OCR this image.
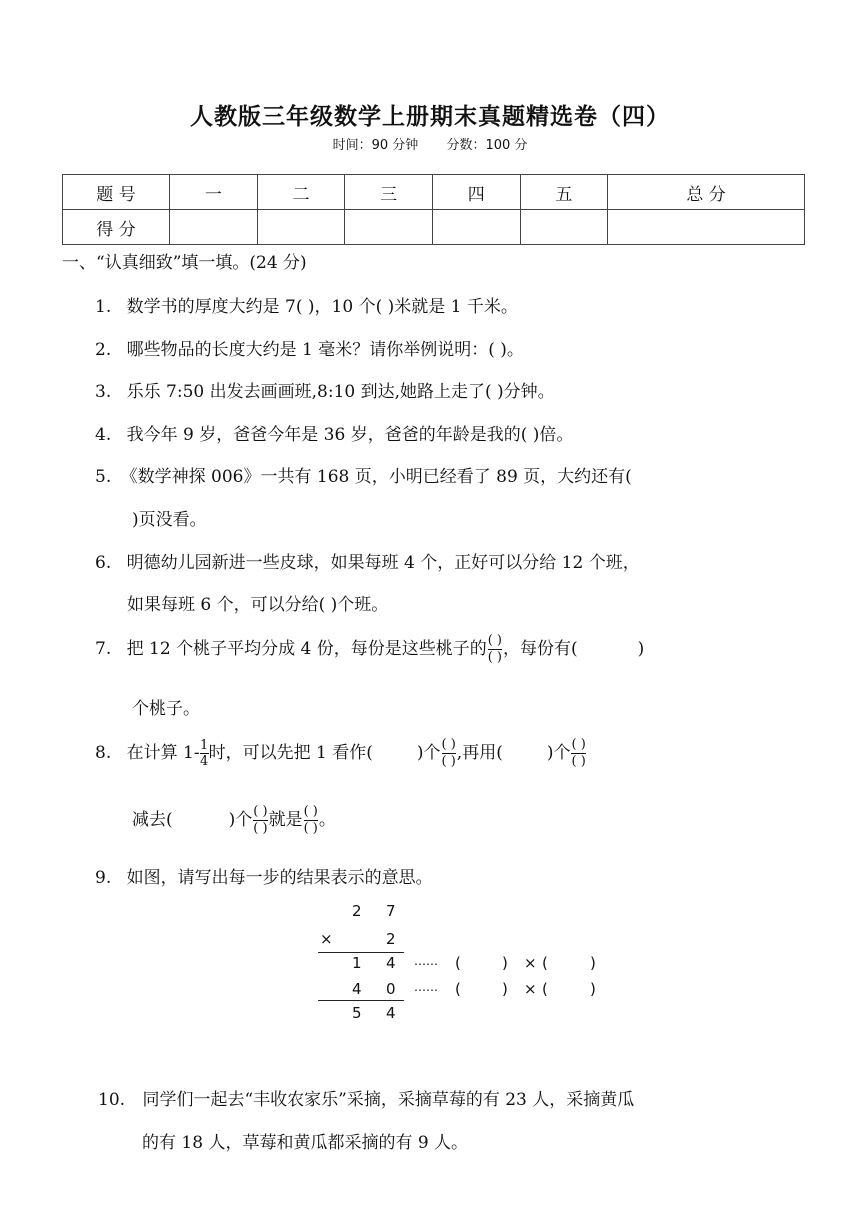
人教版三年级数学上册期末真题精选卷（四）
时间：90 分钟 分数：100 分
题 号	一	二	三	四	五	总 分
得 分						
一、“认真细致”填一填。(24 分)
1. 数学书的厚度大约是 7( )，10 个( )米就是 1 千米。
2. 哪些物品的长度大约是 1 毫米？请你举例说明：( )。
3. 乐乐 7:50 出发去画画班,8:10 到达,她路上走了( )分钟。
4. 我今年 9 岁，爸爸今年是 36 岁，爸爸的年龄是我的( )倍。
5. 《数学神探 006》一共有 168 页，小明已经看了 89 页，大约还有(
)页没看。
6. 明德幼儿园新进一些皮球，如果每班 4 个，正好可以分给 12 个班，
如果每班 6 个，可以分给( )个班。
7. 把 12 个桃子平均分成 4 份，每份是这些桃子的 $\frac{( )}{( )}$ ，每份有(	)
个桃子。
8. 在计算 $1- \frac{1}{4}$ 时，可以先把 1 看作(	)个 $\frac{( )}{( )}$ ,再用(	)个 $\frac{( )}{( )}$
减去(	)个 $\frac{( )}{( )}$ 就是 $\frac{( )}{( )}$ 。
9. 如图，请写出每一步的结果表示的意思。
2 7
×	2
1 4 …… (	) × (	)
4 0 …… (	) × (	)
5 4
10. 同学们一起去“丰收农家乐”采摘，采摘草莓的有 23 人，采摘黄瓜
的有 18 人，草莓和黄瓜都采摘的有 9 人。
